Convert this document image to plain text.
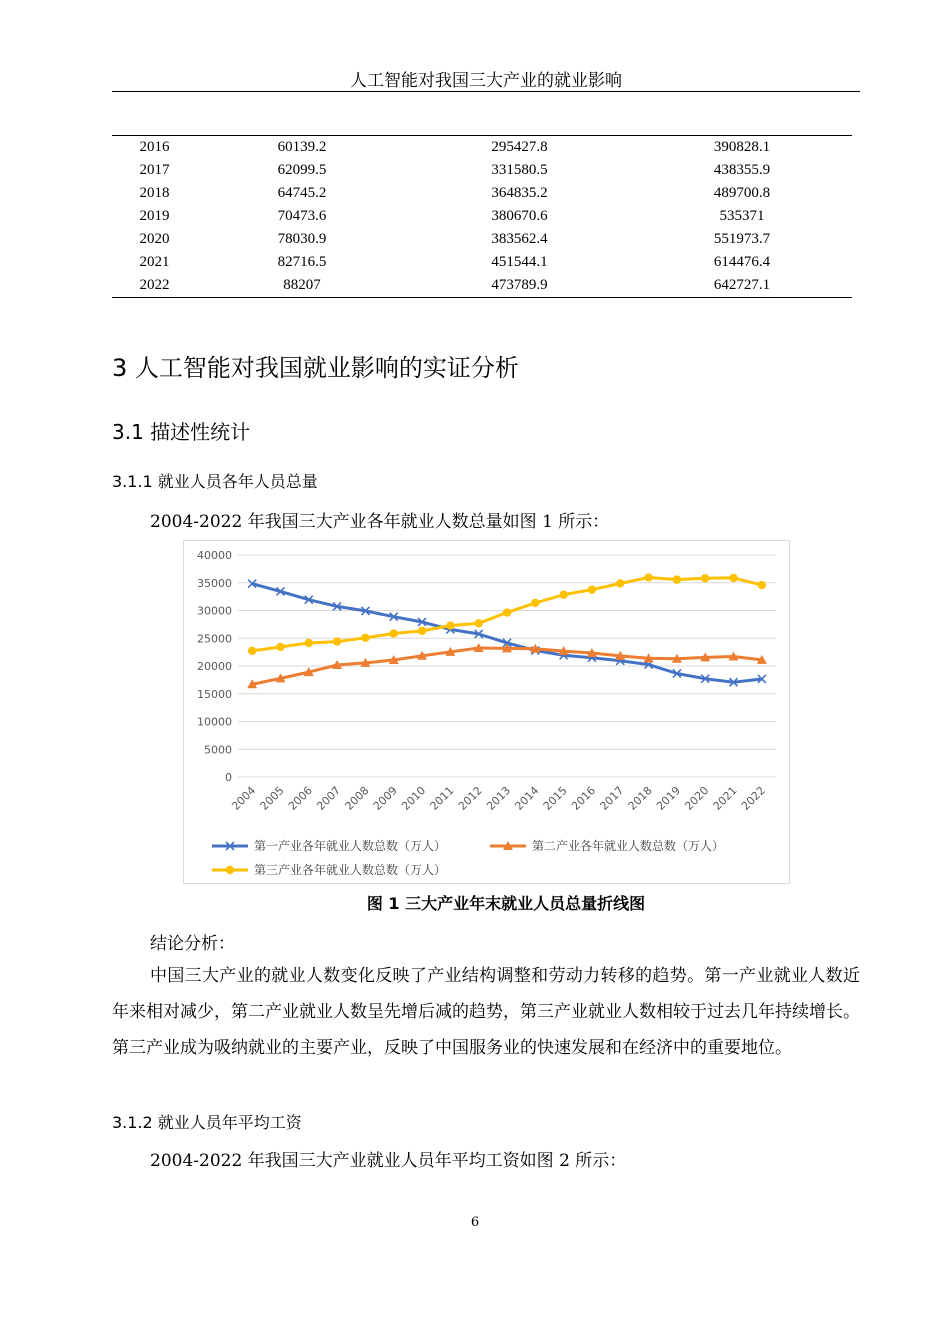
人工智能对我国三大产业的就业影响
2016	60139.2	295427.8	390828.1
2017	62099.5	331580.5	438355.9
2018	64745.2	364835.2	489700.8
2019	70473.6	380670.6	535371
2020	78030.9	383562.4	551973.7
2021	82716.5	451544.1	614476.4
2022	88207	473789.9	642727.1
3 人工智能对我国就业影响的实证分析
3.1 描述性统计
3.1.1 就业人员各年人员总量
2004-2022 年我国三大产业各年就业人数总量如图 1 所示：
0
5000
10000
15000
20000
25000
30000
35000
40000
2004 2005 2006 2007 2008 2009 2010 2011 2012 2013 2014 2015 2016 2017 2018 2019 2020 2021 2022
第一产业各年就业人数总数（万人）	第二产业各年就业人数总数（万人）
第三产业各年就业人数总数（万人）
图 1 三大产业年末就业人员总量折线图
结论分析：
中国三大产业的就业人数变化反映了产业结构调整和劳动力转移的趋势。第一产业就业人数近年来相对减少，第二产业就业人数呈先增后减的趋势，第三产业就业人数相较于过去几年持续增长。第三产业成为吸纳就业的主要产业，反映了中国服务业的快速发展和在经济中的重要地位。
3.1.2 就业人员年平均工资
2004-2022 年我国三大产业就业人员年平均工资如图 2 所示：
6
